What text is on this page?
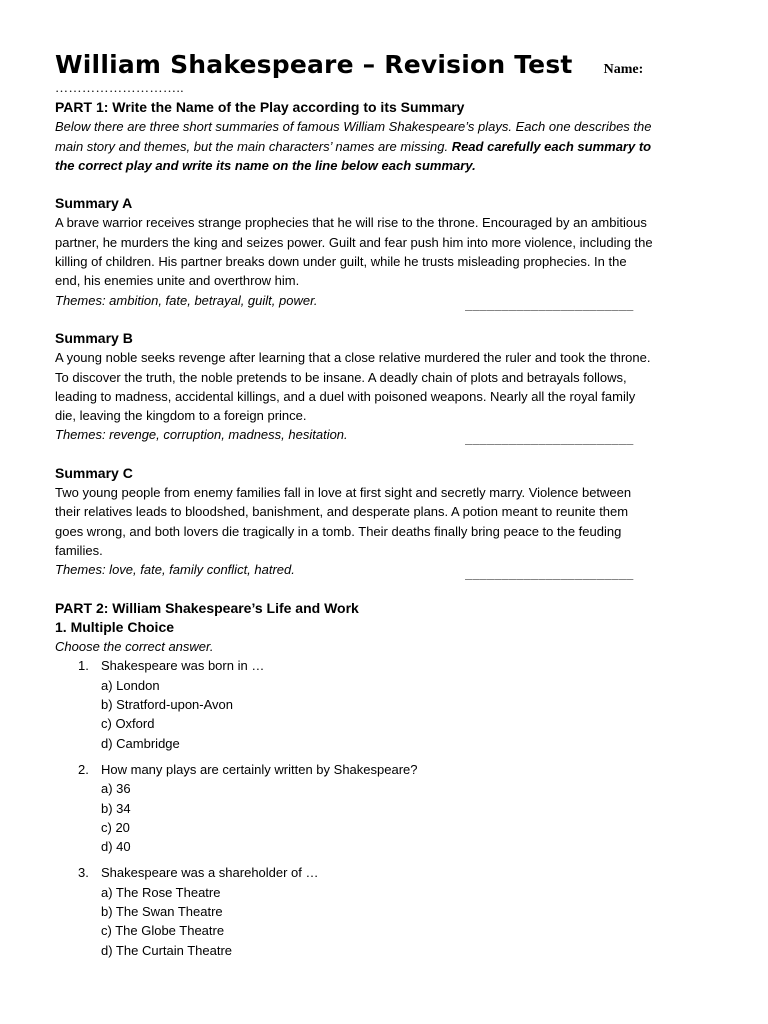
William Shakespeare – Revision Test Name:
………………………..
PART 1: Write the Name of the Play according to its Summary
Below there are three short summaries of famous William Shakespeare’s plays. Each one describes the
main story and themes, but the main characters’ names are missing. Read carefully each summary to
the correct play and write its name on the line below each summary.
Summary A
A brave warrior receives strange prophecies that he will rise to the throne. Encouraged by an ambitious
partner, he murders the king and seizes power. Guilt and fear push him into more violence, including the
killing of children. His partner breaks down under guilt, while he trusts misleading prophecies. In the
end, his enemies unite and overthrow him.
Themes: ambition, fate, betrayal, guilt, power.	_______________________
Summary B
A young noble seeks revenge after learning that a close relative murdered the ruler and took the throne.
To discover the truth, the noble pretends to be insane. A deadly chain of plots and betrayals follows,
leading to madness, accidental killings, and a duel with poisoned weapons. Nearly all the royal family
die, leaving the kingdom to a foreign prince.
Themes: revenge, corruption, madness, hesitation.	_______________________
Summary C
Two young people from enemy families fall in love at first sight and secretly marry. Violence between
their relatives leads to bloodshed, banishment, and desperate plans. A potion meant to reunite them
goes wrong, and both lovers die tragically in a tomb. Their deaths finally bring peace to the feuding
families.
Themes: love, fate, family conflict, hatred.	_______________________
PART 2: William Shakespeare’s Life and Work
1. Multiple Choice
Choose the correct answer.
1. Shakespeare was born in …
a) London
b) Stratford-upon-Avon
c) Oxford
d) Cambridge
2. How many plays are certainly written by Shakespeare?
a) 36
b) 34
c) 20
d) 40
3. Shakespeare was a shareholder of …
a) The Rose Theatre
b) The Swan Theatre
c) The Globe Theatre
d) The Curtain Theatre
